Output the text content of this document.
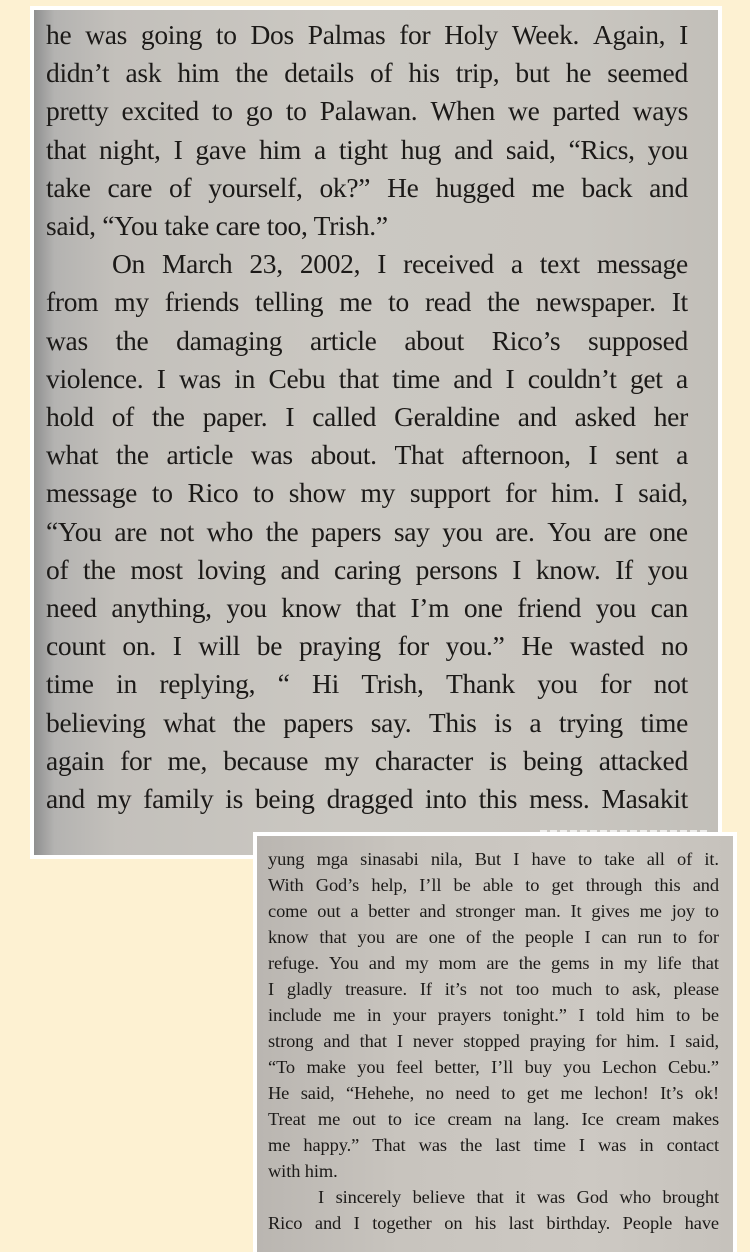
he was going to Dos Palmas for Holy Week. Again, I
didn’t ask him the details of his trip, but he seemed
pretty excited to go to Palawan. When we parted ways
that night, I gave him a tight hug and said, “Rics, you
take care of yourself, ok?” He hugged me back and
said, “You take care too, Trish.”
On March 23, 2002, I received a text message
from my friends telling me to read the newspaper. It
was the damaging article about Rico’s supposed
violence. I was in Cebu that time and I couldn’t get a
hold of the paper. I called Geraldine and asked her
what the article was about. That afternoon, I sent a
message to Rico to show my support for him. I said,
“You are not who the papers say you are. You are one
of the most loving and caring persons I know. If you
need anything, you know that I’m one friend you can
count on. I will be praying for you.” He wasted no
time in replying, “ Hi Trish, Thank you for not
believing what the papers say. This is a trying time
again for me, because my character is being attacked
and my family is being dragged into this mess. Masakit
yung mga sinasabi nila, But I have to take all of it.
With God’s help, I’ll be able to get through this and
come out a better and stronger man. It gives me joy to
know that you are one of the people I can run to for
refuge. You and my mom are the gems in my life that
I gladly treasure. If it’s not too much to ask, please
include me in your prayers tonight.” I told him to be
strong and that I never stopped praying for him. I said,
“To make you feel better, I’ll buy you Lechon Cebu.”
He said, “Hehehe, no need to get me lechon! It’s ok!
Treat me out to ice cream na lang. Ice cream makes
me happy.” That was the last time I was in contact
with him.
I sincerely believe that it was God who brought
Rico and I together on his last birthday. People have
